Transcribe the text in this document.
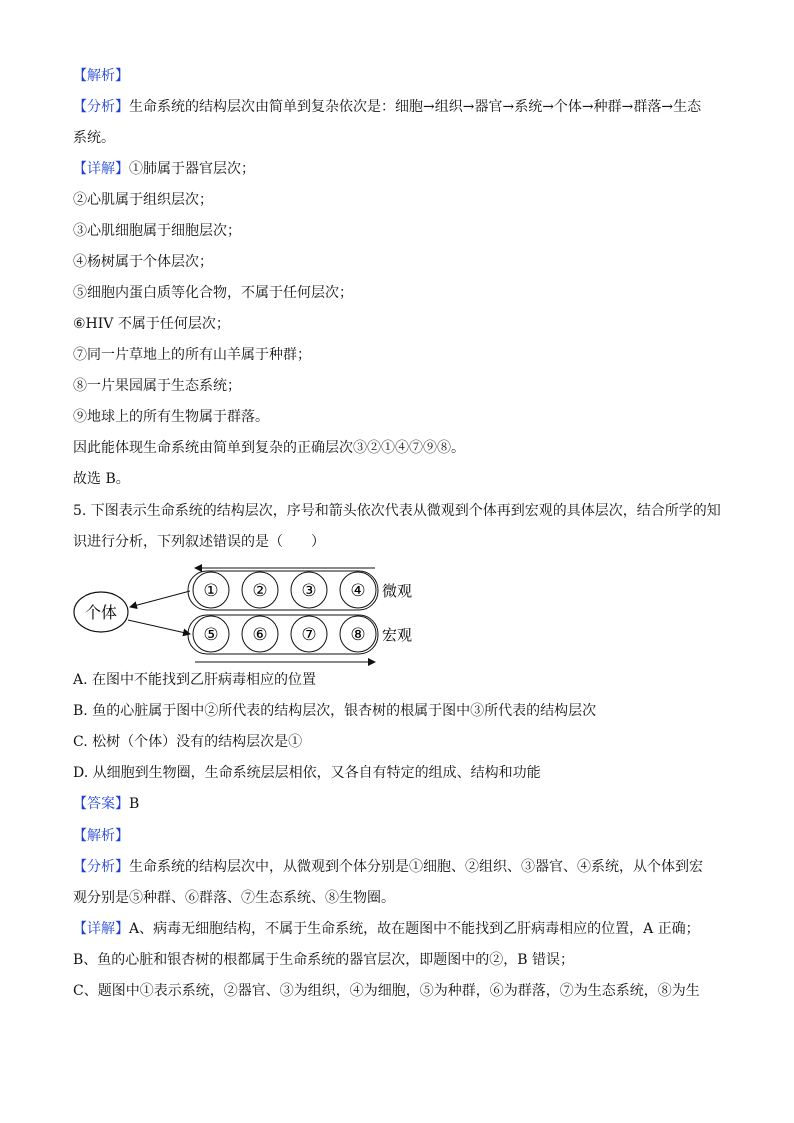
【解析】
【分析】生命系统的结构层次由简单到复杂依次是：细胞→组织→器官→系统→个体→种群→群落→生态
系统。
【详解】①肺属于器官层次；
②心肌属于组织层次；
③心肌细胞属于细胞层次；
④杨树属于个体层次；
⑤细胞内蛋白质等化合物，不属于任何层次；
⑥HIV 不属于任何层次；
⑦同一片草地上的所有山羊属于种群；
⑧一片果园属于生态系统；
⑨地球上的所有生物属于群落。
因此能体现生命系统由简单到复杂的正确层次③②①④⑦⑨⑧。
故选 B。
5. 下图表示生命系统的结构层次，序号和箭头依次代表从微观到个体再到宏观的具体层次，结合所学的知
识进行分析，下列叙述错误的是（　　）
个体
① ② ③ ④
⑤ ⑥ ⑦ ⑧
微观
宏观
A. 在图中不能找到乙肝病毒相应的位置
B. 鱼的心脏属于图中②所代表的结构层次，银杏树的根属于图中③所代表的结构层次
C. 松树（个体）没有的结构层次是①
D. 从细胞到生物圈，生命系统层层相依，又各自有特定的组成、结构和功能
【答案】B
【解析】
【分析】生命系统的结构层次中，从微观到个体分别是①细胞、②组织、③器官、④系统，从个体到宏
观分别是⑤种群、⑥群落、⑦生态系统、⑧生物圈。
【详解】A、病毒无细胞结构，不属于生命系统，故在题图中不能找到乙肝病毒相应的位置，A 正确；
B、鱼的心脏和银杏树的根都属于生命系统的器官层次，即题图中的②，B 错误；
C、题图中①表示系统，②器官、③为组织，④为细胞，⑤为种群，⑥为群落，⑦为生态系统，⑧为生
